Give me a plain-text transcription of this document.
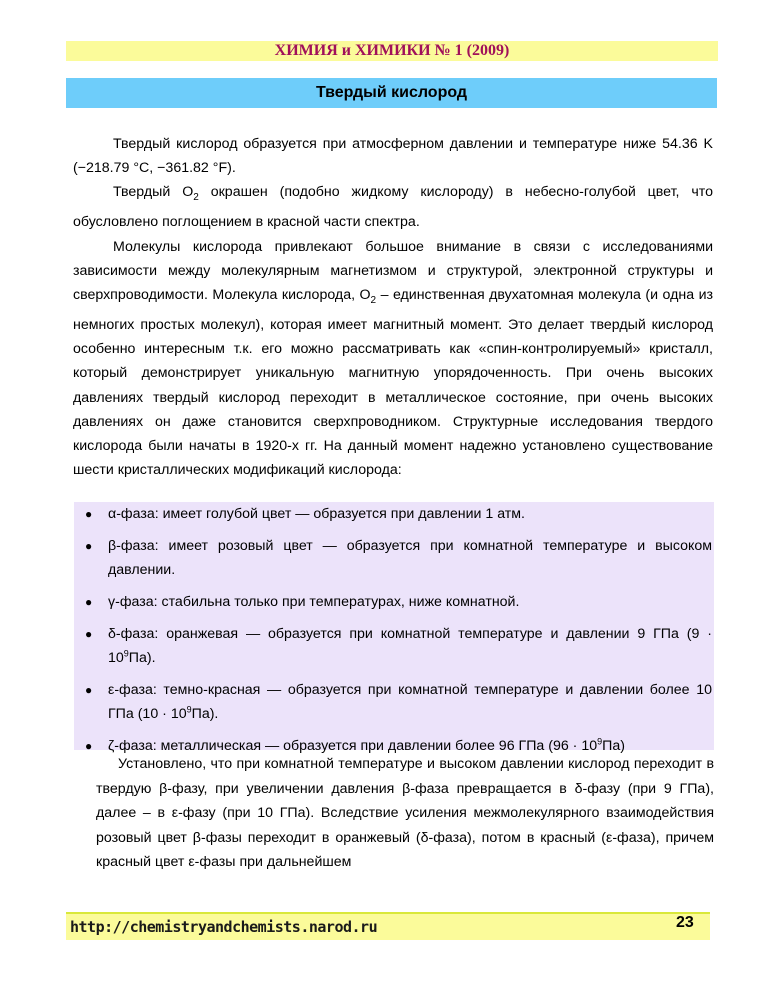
ХИМИЯ и ХИМИКИ № 1 (2009)
Твердый кислород

Твердый кислород образуется при атмосферном давлении и температуре ниже 54.36 K (−218.79 °C, −361.82 °F).

Твердый $O_2$ окрашен (подобно жидкому кислороду) в небесно-голубой цвет, что обусловлено поглощением в красной части спектра.

Молекулы кислорода привлекают большое внимание в связи с исследованиями зависимости между молекулярным магнетизмом и структурой, электронной структуры и сверхпроводимости. Молекула кислорода, $O_2$ – единственная двухатомная молекула (и одна из немногих простых молекул), которая имеет магнитный момент. Это делает твердый кислород особенно интересным т.к. его можно рассматривать как «спин-контролируемый» кристалл, который демонстрирует уникальную магнитную упорядоченность. При очень высоких давлениях твердый кислород переходит в металлическое состояние, при очень высоких давлениях он даже становится сверхпроводником. Структурные исследования твердого кислорода были начаты в 1920-х гг. На данный момент надежно установлено существование шести кристаллических модификаций кислорода:

● α-фаза: имеет голубой цвет — образуется при давлении 1 атм.
● β-фаза: имеет розовый цвет — образуется при комнатной температуре и высоком давлении.
● γ-фаза: стабильна только при температурах, ниже комнатной.
● δ-фаза: оранжевая — образуется при комнатной температуре и давлении 9 ГПа $(9 \cdot 10^9Па)$.
● ε-фаза: темно-красная — образуется при комнатной температуре и давлении более 10 ГПа $(10 \cdot 10^9Па)$.
● ζ-фаза: металлическая — образуется при давлении более 96 ГПа $(96 \cdot 10^9Па)$

Установлено, что при комнатной температуре и высоком давлении кислород переходит в твердую β-фазу, при увеличении давления β-фаза превращается в δ-фазу (при 9 ГПа), далее – в ε-фазу (при 10 ГПа). Вследствие усиления межмолекулярного взаимодействия розовый цвет β-фазы переходит в оранжевый (δ-фаза), потом в красный (ε-фаза), причем красный цвет ε-фазы при дальнейшем

http://chemistryandchemists.narod.ru	23
